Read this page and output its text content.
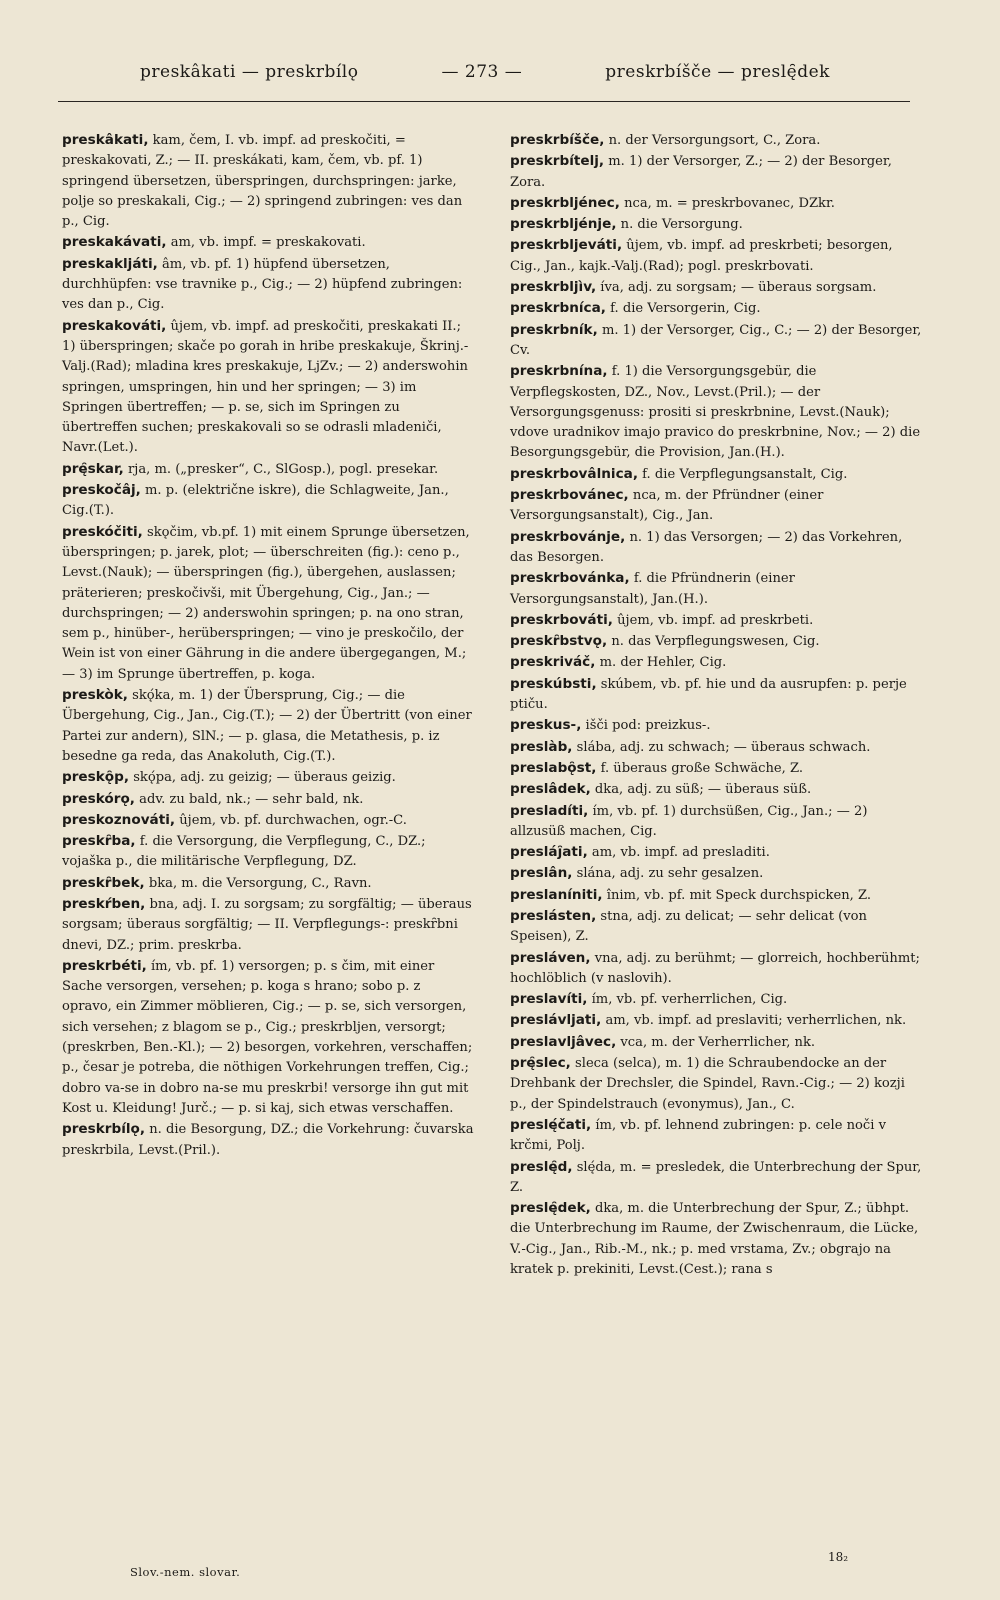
preskâkati — preskrbílǫ	— 273 —	preskrbíšče — preslę̑dek

preskâkati, kam, čem, I. vb. impf. ad preskočiti, = preskakovati, Z.; — II. preskákati, kam, čem, vb. pf. 1) springend übersetzen, überspringen, durchspringen: jarke, polje so preskakali, Cig.; — 2) springend zubringen: ves dan p., Cig.

preskakávati, am, vb. impf. = preskakovati.

preskakljáti, âm, vb. pf. 1) hüpfend übersetzen, durchhüpfen: vse travnike p., Cig.; — 2) hüpfend zubringen: ves dan p., Cig.

preskakováti, ûjem, vb. impf. ad preskočiti, preskakati II.; 1) überspringen; skače po gorah in hribe preskakuje, Škrinj.-Valj.(Rad); mladina kres preskakuje, LjZv.; — 2) anderswohin springen, umspringen, hin und her springen; — 3) im Springen übertreffen; — p. se, sich im Springen zu übertreffen suchen; preskakovali so se odrasli mladeniči, Navr.(Let.).

prę̑skar, rja, m. („presker“, C., SlGosp.), pogl. presekar.

preskočâj, m. p. (električne iskre), die Schlagweite, Jan., Cig.(T.).

preskóčiti, skǫčim, vb.pf. 1) mit einem Sprunge übersetzen, überspringen; p. jarek, plot; — überschreiten (fig.): ceno p., Levst.(Nauk); — überspringen (fig.), übergehen, auslassen; präterieren; preskočivši, mit Übergehung, Cig., Jan.; — durchspringen; — 2) anderswohin springen; p. na ono stran, sem p., hinüber-, herüberspringen; — vino je preskočilo, der Wein ist von einer Gährung in die andere übergegangen, M.; — 3) im Sprunge übertreffen, p. koga.

preskòk, skǫ́ka, m. 1) der Übersprung, Cig.; — die Übergehung, Cig., Jan., Cig.(T.); — 2) der Übertritt (von einer Partei zur andern), SlN.; — p. glasa, die Metathesis, p. iz besedne ga reda, das Anakoluth, Cig.(T.).

preskǫ̑p, skǫ́pa, adj. zu geizig; — überaus geizig.

preskórǫ, adv. zu bald, nk.; — sehr bald, nk.

preskoznováti, ûjem, vb. pf. durchwachen, ogr.-C.

preskȓba, f. die Versorgung, die Verpflegung, C., DZ.; vojaška p., die militärische Verpflegung, DZ.

preskȓbek, bka, m. die Versorgung, C., Ravn.

preskŕben, bna, adj. I. zu sorgsam; zu sorgfältig; — überaus sorgsam; überaus sorgfältig; — II. Verpflegungs-: preskȓbni dnevi, DZ.; prim. preskrba.

preskrbéti, ím, vb. pf. 1) versorgen; p. s čim, mit einer Sache versorgen, versehen; p. koga s hrano; sobo p. z opravo, ein Zimmer möblieren, Cig.; — p. se, sich versorgen, sich versehen; z blagom se p., Cig.; preskrbljen, versorgt; (preskrben, Ben.-Kl.); — 2) besorgen, vorkehren, verschaffen; p., česar je potreba, die nöthigen Vorkehrungen treffen, Cig.; dobro va-se in dobro na-se mu preskrbi! versorge ihn gut mit Kost u. Kleidung! Jurč.; — p. si kaj, sich etwas verschaffen.

preskrbílǫ, n. die Besorgung, DZ.; die Vorkehrung: čuvarska preskrbila, Levst.(Pril.).

preskrbíšče, n. der Versorgungsort, C., Zora.

preskrbítelj, m. 1) der Versorger, Z.; — 2) der Besorger, Zora.

preskrbljénec, nca, m. = preskrbovanec, DZkr.

preskrbljénje, n. die Versorgung.

preskrbljeváti, ûjem, vb. impf. ad preskrbeti; besorgen, Cig., Jan., kajk.-Valj.(Rad); pogl. preskrbovati.

preskrbljìv, íva, adj. zu sorgsam; — überaus sorgsam.

preskrbníca, f. die Versorgerin, Cig.

preskrbník, m. 1) der Versorger, Cig., C.; — 2) der Besorger, Cv.

preskrbnína, f. 1) die Versorgungsgebür, die Verpflegskosten, DZ., Nov., Levst.(Pril.); — der Versorgungsgenuss: prositi si preskrbnine, Levst.(Nauk); vdove uradnikov imajo pravico do preskrbnine, Nov.; — 2) die Besorgungsgebür, die Provision, Jan.(H.).

preskrbovâlnica, f. die Verpflegungsanstalt, Cig.

preskrbovánec, nca, m. der Pfründner (einer Versorgungsanstalt), Cig., Jan.

preskrbovánje, n. 1) das Versorgen; — 2) das Vorkehren, das Besorgen.

preskrbovánka, f. die Pfründnerin (einer Versorgungsanstalt), Jan.(H.).

preskrbováti, ûjem, vb. impf. ad preskrbeti.

preskȓbstvǫ, n. das Verpflegungswesen, Cig.

preskriváč, m. der Hehler, Cig.

preskúbsti, skúbem, vb. pf. hie und da ausrupfen: p. perje ptiču.

preskus-, išči pod: preizkus-.

preslàb, slába, adj. zu schwach; — überaus schwach.

preslabǫ̑st, f. überaus große Schwäche, Z.

preslâdek, dka, adj. zu süß; — überaus süß.

presladíti, ím, vb. pf. 1) durchsüßen, Cig., Jan.; — 2) allzusüß machen, Cig.

presláj̑ati, am, vb. impf. ad presladiti.

preslân, slána, adj. zu sehr gesalzen.

preslaníniti, înim, vb. pf. mit Speck durchspicken, Z.

preslásten, stna, adj. zu delicat; — sehr delicat (von Speisen), Z.

presláven, vna, adj. zu berühmt; — glorreich, hochberühmt; hochlöblich (v naslovih).

preslavíti, ím, vb. pf. verherrlichen, Cig.

preslávljati, am, vb. impf. ad preslaviti; verherrlichen, nk.

preslavljâvec, vca, m. der Verherrlicher, nk.

prę̑slec, slеca (selca), m. 1) die Schraubendocke an der Drehbank der Drechsler, die Spindel, Ravn.-Cig.; — 2) kozji p., der Spindelstrauch (evonymus), Jan., C.

preslę́čati, ím, vb. pf. lehnend zubringen: p. cele noči v krčmi, Polj.

preslę̑d, slę́da, m. = presledek, die Unterbrechung der Spur, Z.

preslę̑dek, dka, m. die Unterbrechung der Spur, Z.; übhpt. die Unterbrechung im Raume, der Zwischenraum, die Lücke, V.-Cig., Jan., Rib.-M., nk.; p. med vrstama, Zv.; obgrajo na kratek p. prekiniti, Levst.(Cest.); rana s

Slov.-nem. slovar.
18₂
